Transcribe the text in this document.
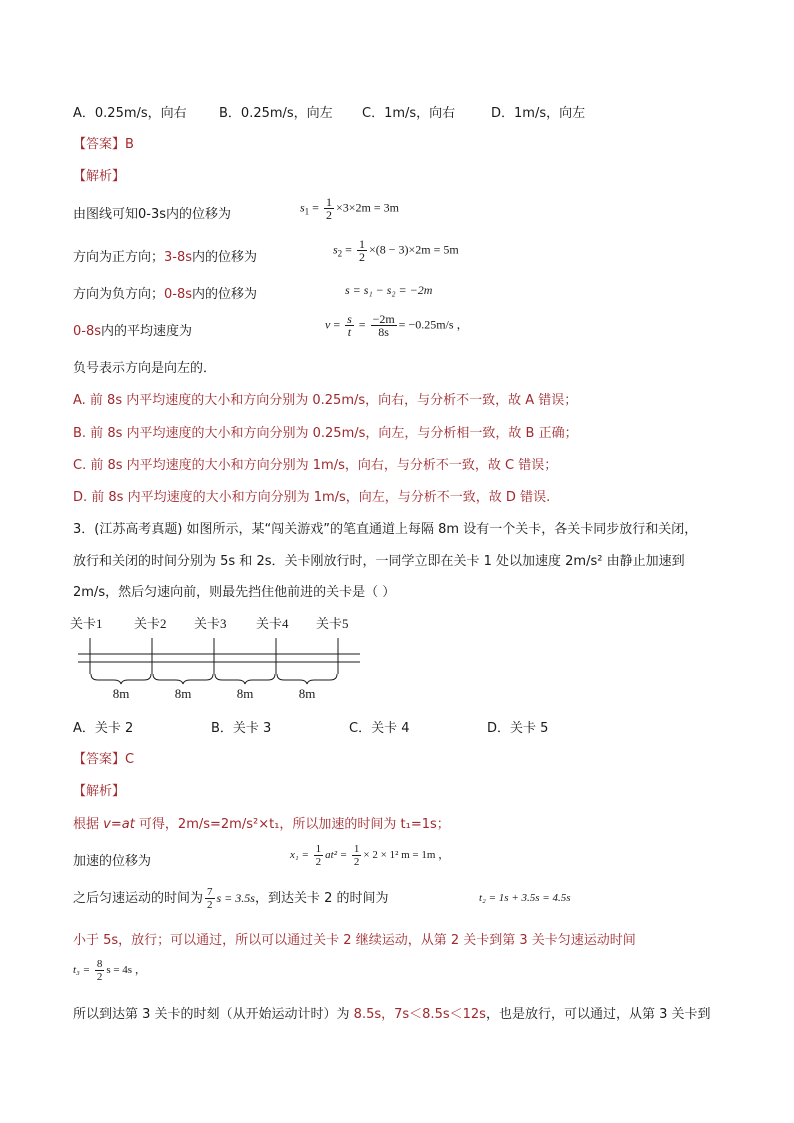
A．0.25m/s，向右 B．0.25m/s，向左 C．1m/s，向右	D．1m/s，向左
【答案】B
【解析】
由图线可知0-3s内的位移为	$s_1 = \frac{1}{2} \times 3\times 2m = 3m$
方向为正方向；3-8s内的位移为
$s_2 = \frac{1}{2} \times(8 - 3)\times 2m = 5m$
方向为负方向；0-8s内的位移为	s = s₁ − s₂ = −2m
0-8s内的平均速度为	$v = \frac{s}{t} = \frac{-2m}{8s} = -0.25m/s$ ，
负号表示方向是向左的．
A. 前 8s 内平均速度的大小和方向分别为 0.25m/s，向右，与分析不一致，故 A 错误；
B. 前 8s 内平均速度的大小和方向分别为 0.25m/s，向左，与分析相一致，故 B 正确；
C. 前 8s 内平均速度的大小和方向分别为 1m/s，向右，与分析不一致，故 C 错误；
D. 前 8s 内平均速度的大小和方向分别为 1m/s，向左，与分析不一致，故 D 错误.
3．(江苏高考真题) 如图所示，某“闯关游戏”的笔直通道上每隔 8m 设有一个关卡，各关卡同步放行和关闭，
放行和关闭的时间分别为 5s 和 2s．关卡刚放行时，一同学立即在关卡 1 处以加速度 2m/s² 由静止加速到
2m/s，然后匀速向前，则最先挡住他前进的关卡是（ ）
关卡1 关卡2 关卡3 关卡4 关卡5
8m	8m	8m	8m
A．关卡 2	B．关卡 3	C．关卡 4	D．关卡 5
【答案】C
【解析】
根据 v=at 可得，2m/s=2m/s²×t₁，所以加速的时间为 t₁=1s；
加速的位移为	$x_1 = \frac{1}{2} at^2 = \frac{1}{2} \times 2 \times 1^2$ m = 1m ，
之后匀速运动的时间为 $\frac{7}{2}$ s = 3.5s，到达关卡 2 的时间为	t₂ = 1s + 3.5s = 4.5s
小于 5s，放行；可以通过，所以可以通过关卡 2 继续运动，从第 2 关卡到第 3 关卡匀速运动时间
$t_3 = \frac{8}{2}$ s = 4s ，
所以到达第 3 关卡的时刻（从开始运动计时）为 8.5s，7s＜8.5s＜12s，也是放行，可以通过，从第 3 关卡到
